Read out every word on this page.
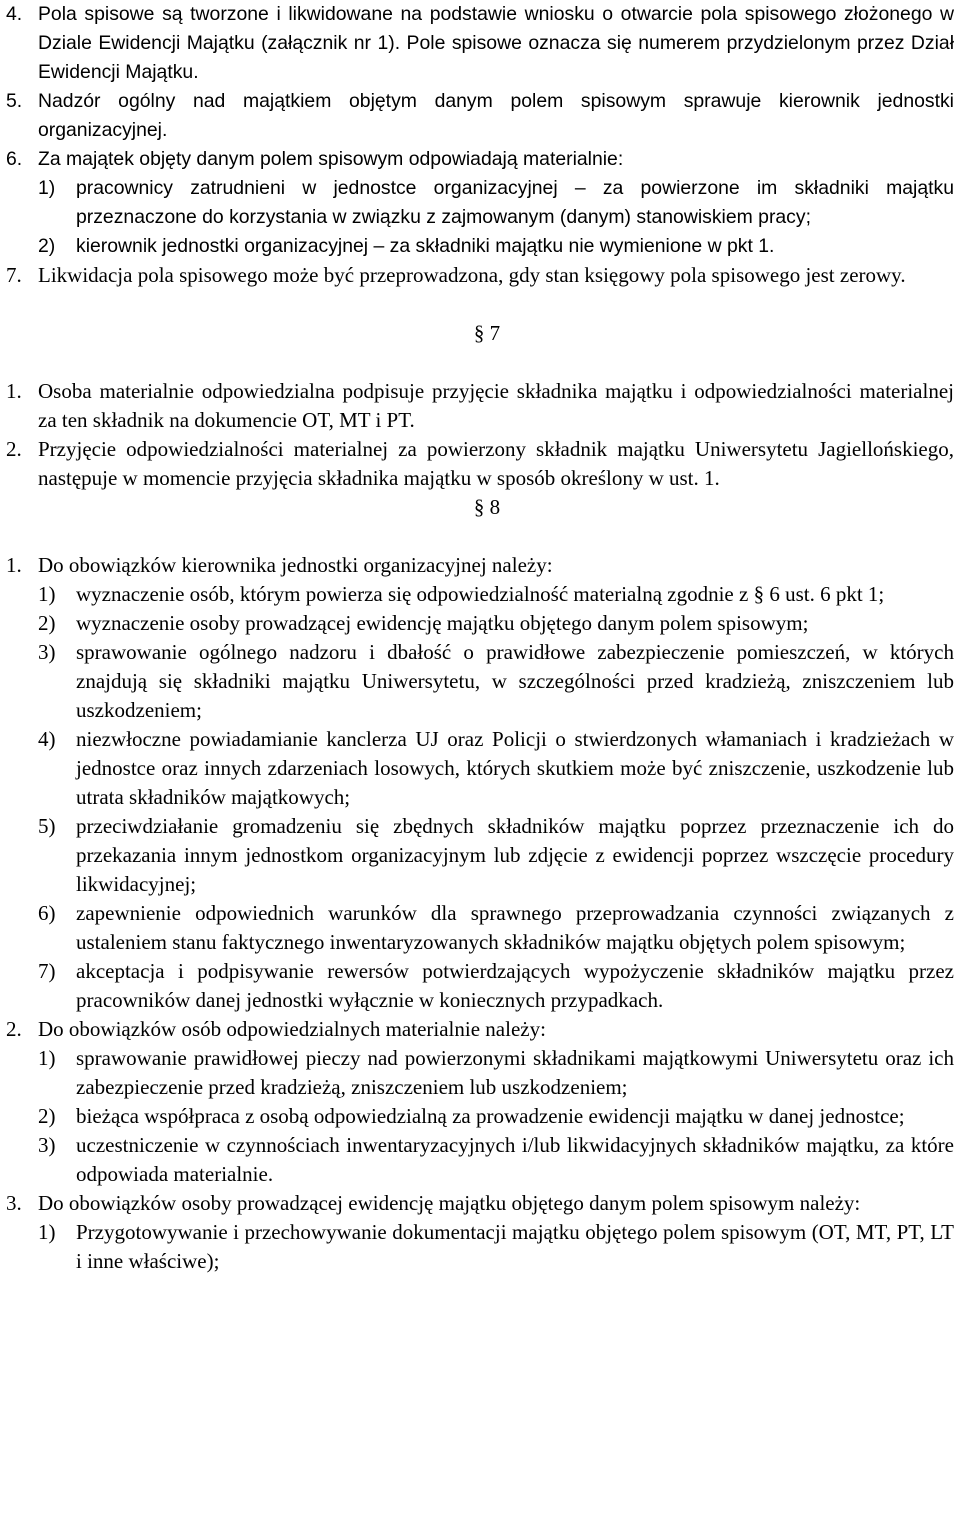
4. Pola spisowe są tworzone i likwidowane na podstawie wniosku o otwarcie pola spisowego złożonego w Dziale Ewidencji Majątku (załącznik nr 1). Pole spisowe oznacza się numerem przydzielonym przez Dział Ewidencji Majątku.
5. Nadzór ogólny nad majątkiem objętym danym polem spisowym sprawuje kierownik jednostki organizacyjnej.
6. Za majątek objęty danym polem spisowym odpowiadają materialnie:
1) pracownicy zatrudnieni w jednostce organizacyjnej – za powierzone im składniki majątku przeznaczone do korzystania w związku z zajmowanym (danym) stanowiskiem pracy;
2) kierownik jednostki organizacyjnej – za składniki majątku nie wymienione w pkt 1.
7. Likwidacja pola spisowego może być przeprowadzona, gdy stan księgowy pola spisowego jest zerowy.
§ 7
1. Osoba materialnie odpowiedzialna podpisuje przyjęcie składnika majątku i odpowiedzialności materialnej za ten składnik na dokumencie OT, MT i PT.
2. Przyjęcie odpowiedzialności materialnej za powierzony składnik majątku Uniwersytetu Jagiellońskiego, następuje w momencie przyjęcia składnika majątku w sposób określony w ust. 1.
§ 8
1. Do obowiązków kierownika jednostki organizacyjnej należy:
1) wyznaczenie osób, którym powierza się odpowiedzialność materialną zgodnie z § 6 ust. 6 pkt 1;
2) wyznaczenie osoby prowadzącej ewidencję majątku objętego danym polem spisowym;
3) sprawowanie ogólnego nadzoru i dbałość o prawidłowe zabezpieczenie pomieszczeń, w których znajdują się składniki majątku Uniwersytetu, w szczególności przed kradzieżą, zniszczeniem lub uszkodzeniem;
4) niezwłoczne powiadamianie kanclerza UJ oraz Policji o stwierdzonych włamaniach i kradzieżach w jednostce oraz innych zdarzeniach losowych, których skutkiem może być zniszczenie, uszkodzenie lub utrata składników majątkowych;
5) przeciwdziałanie gromadzeniu się zbędnych składników majątku poprzez przeznaczenie ich do przekazania innym jednostkom organizacyjnym lub zdjęcie z ewidencji poprzez wszczęcie procedury likwidacyjnej;
6) zapewnienie odpowiednich warunków dla sprawnego przeprowadzania czynności związanych z ustaleniem stanu faktycznego inwentaryzowanych składników majątku objętych polem spisowym;
7) akceptacja i podpisywanie rewersów potwierdzających wypożyczenie składników majątku przez pracowników danej jednostki wyłącznie w koniecznych przypadkach.
2. Do obowiązków osób odpowiedzialnych materialnie należy:
1) sprawowanie prawidłowej pieczy nad powierzonymi składnikami majątkowymi Uniwersytetu oraz ich zabezpieczenie przed kradzieżą, zniszczeniem lub uszkodzeniem;
2) bieżąca współpraca z osobą odpowiedzialną za prowadzenie ewidencji majątku w danej jednostce;
3) uczestniczenie w czynnościach inwentaryzacyjnych i/lub likwidacyjnych składników majątku, za które odpowiada materialnie.
3. Do obowiązków osoby prowadzącej ewidencję majątku objętego danym polem spisowym należy:
1) Przygotowywanie i przechowywanie dokumentacji majątku objętego polem spisowym (OT, MT, PT, LT i inne właściwe);
